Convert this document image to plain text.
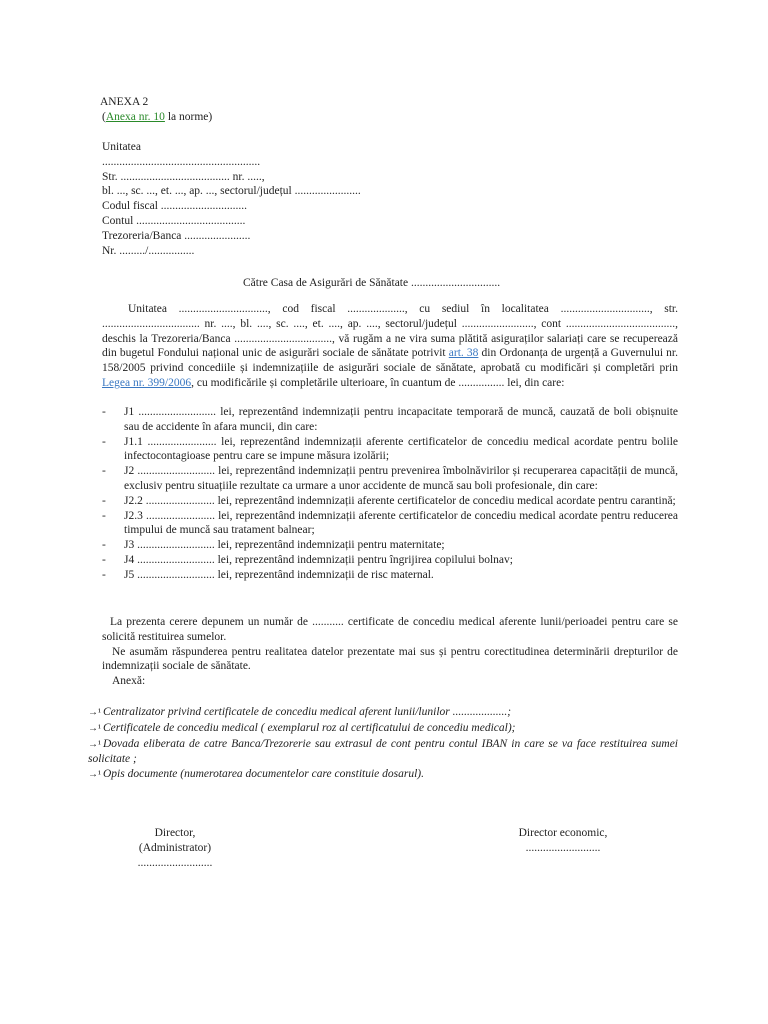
ANEXA 2
(Anexa nr. 10 la norme)
Unitatea
.......................................................
Str. ...................................... nr. .....,
bl. ..., sc. ..., et. ..., ap. ..., sectorul/județul .......................
Codul fiscal ..............................
Contul ......................................
Trezoreria/Banca .......................
Nr. ........./................
Către Casa de Asigurări de Sănătate ...............................
Unitatea ..............................., cod fiscal ...................., cu sediul în localitatea ..............................., str. .................................. nr. ...., bl. ...., sc. ...., et. ...., ap. ...., sectorul/județul ........................., cont ......................................, deschis la Trezoreria/Banca .................................., vă rugăm a ne vira suma plătită asiguraților salariați care se recuperează din bugetul Fondului național unic de asigurări sociale de sănătate potrivit art. 38 din Ordonanța de urgență a Guvernului nr. 158/2005 privind concediile și indemnizațiile de asigurări sociale de sănătate, aprobată cu modificări și completări prin Legea nr. 399/2006, cu modificările și completările ulterioare, în cuantum de ................ lei, din care:
- J1 ........................... lei, reprezentând indemnizații pentru incapacitate temporară de muncă, cauzată de boli obișnuite sau de accidente în afara muncii, din care:
- J1.1 ........................ lei, reprezentând indemnizații aferente certificatelor de concediu medical acordate pentru bolile infectocontagioase pentru care se impune măsura izolării;
- J2 ........................... lei, reprezentând indemnizații pentru prevenirea îmbolnăvirilor și recuperarea capacității de muncă, exclusiv pentru situațiile rezultate ca urmare a unor accidente de muncă sau boli profesionale, din care:
- J2.2 ........................ lei, reprezentând indemnizații aferente certificatelor de concediu medical acordate pentru carantină;
- J2.3 ........................ lei, reprezentând indemnizații aferente certificatelor de concediu medical acordate pentru reducerea timpului de muncă sau tratament balnear;
- J3 ........................... lei, reprezentând indemnizații pentru maternitate;
- J4 ........................... lei, reprezentând indemnizații pentru îngrijirea copilului bolnav;
- J5 ........................... lei, reprezentând indemnizații de risc maternal.
La prezenta cerere depunem un număr de ........... certificate de concediu medical aferente lunii/perioadei pentru care se solicită restituirea sumelor.
Ne asumăm răspunderea pentru realitatea datelor prezentate mai sus și pentru corectitudinea determinării drepturilor de indemnizații sociale de sănătate.
Anexă:
→¹ Centralizator privind certificatele de concediu medical aferent lunii/lunilor ...................;
→¹ Certificatele de concediu medical ( exemplarul roz al certificatului de concediu medical);
→¹ Dovada eliberata de catre Banca/Trezorerie sau extrasul de cont pentru contul IBAN in care se va face restituirea sumei solicitate ;
→¹ Opis documente (numerotarea documentelor care constituie dosarul).
Director,
(Administrator)
..........................
Director economic,
..........................
